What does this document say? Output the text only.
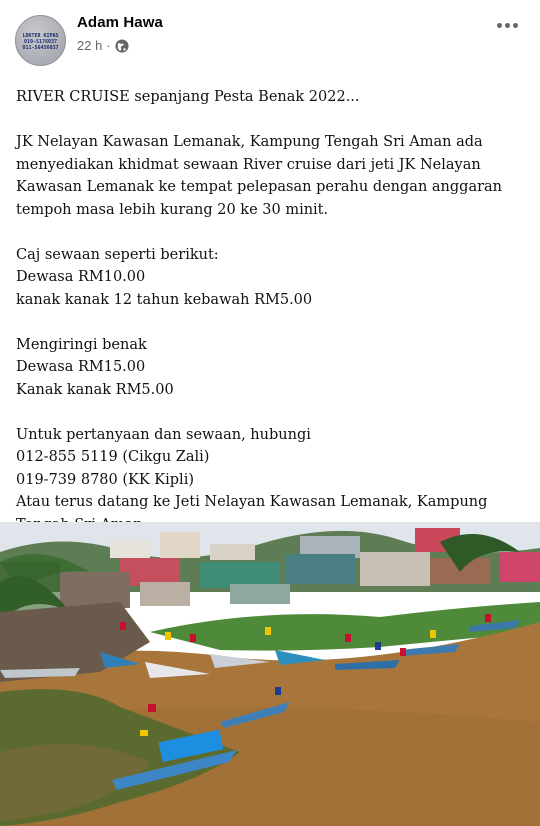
LOKTER KIPAS
010-5176037
011-56456037
Adam Hawa
22 h ·

RIVER CRUISE sepanjang Pesta Benak 2022...

JK Nelayan Kawasan Lemanak, Kampung Tengah Sri Aman ada menyediakan khidmat sewaan River cruise dari jeti JK Nelayan Kawasan Lemanak ke tempat pelepasan perahu dengan anggaran tempoh masa lebih kurang 20 ke 30 minit.

Caj sewaan seperti berikut:

Dewasa RM10.00

kanak kanak 12 tahun kebawah RM5.00

Mengiringi benak

Dewasa RM15.00

Kanak kanak RM5.00

Untuk pertanyaan dan sewaan, hubungi

012-855 5119 (Cikgu Zali)

019-739 8780 (KK Kipli)

Atau terus datang ke Jeti Nelayan Kawasan Lemanak, Kampung
